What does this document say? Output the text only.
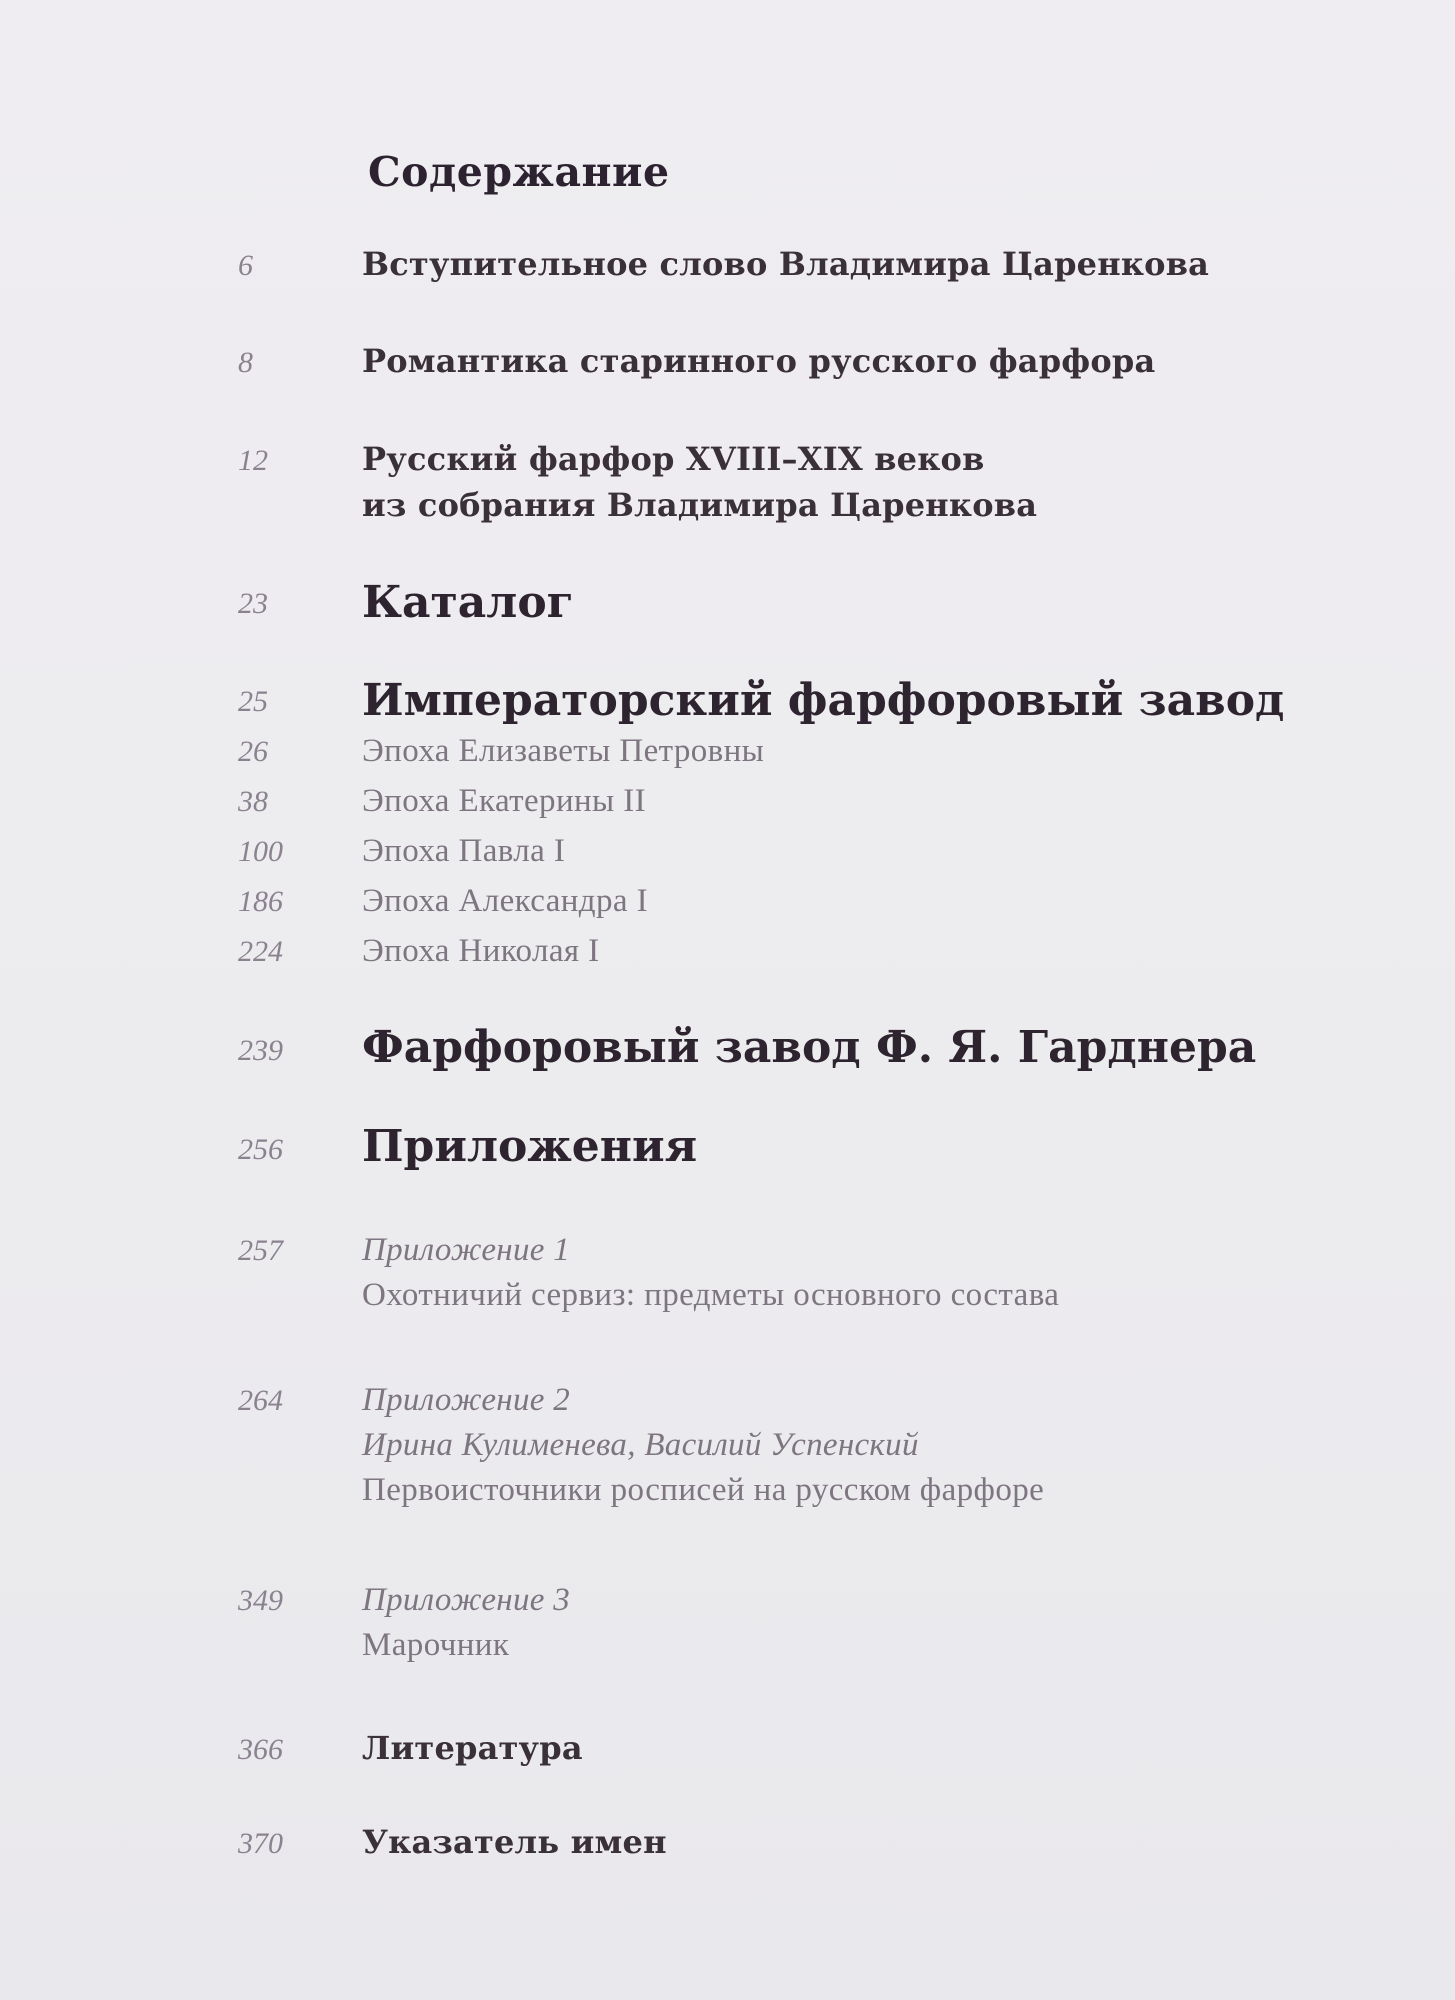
Содержание
6	Вступительное слово Владимира Царенкова
8	Романтика старинного русского фарфора
12	Русский фарфор XVIII–XIX веков
из собрания Владимира Царенкова
23	Каталог
25	Императорский фарфоровый завод
26	Эпоха Елизаветы Петровны
38	Эпоха Екатерины II
100	Эпоха Павла I
186	Эпоха Александра I
224	Эпоха Николая I
239	Фарфоровый завод Ф. Я. Гарднера
256	Приложения
257	Приложение 1
Охотничий сервиз: предметы основного состава
264	Приложение 2
Ирина Кулименева, Василий Успенский
Первоисточники росписей на русском фарфоре
349	Приложение 3
Марочник
366	Литература
370	Указатель имен
